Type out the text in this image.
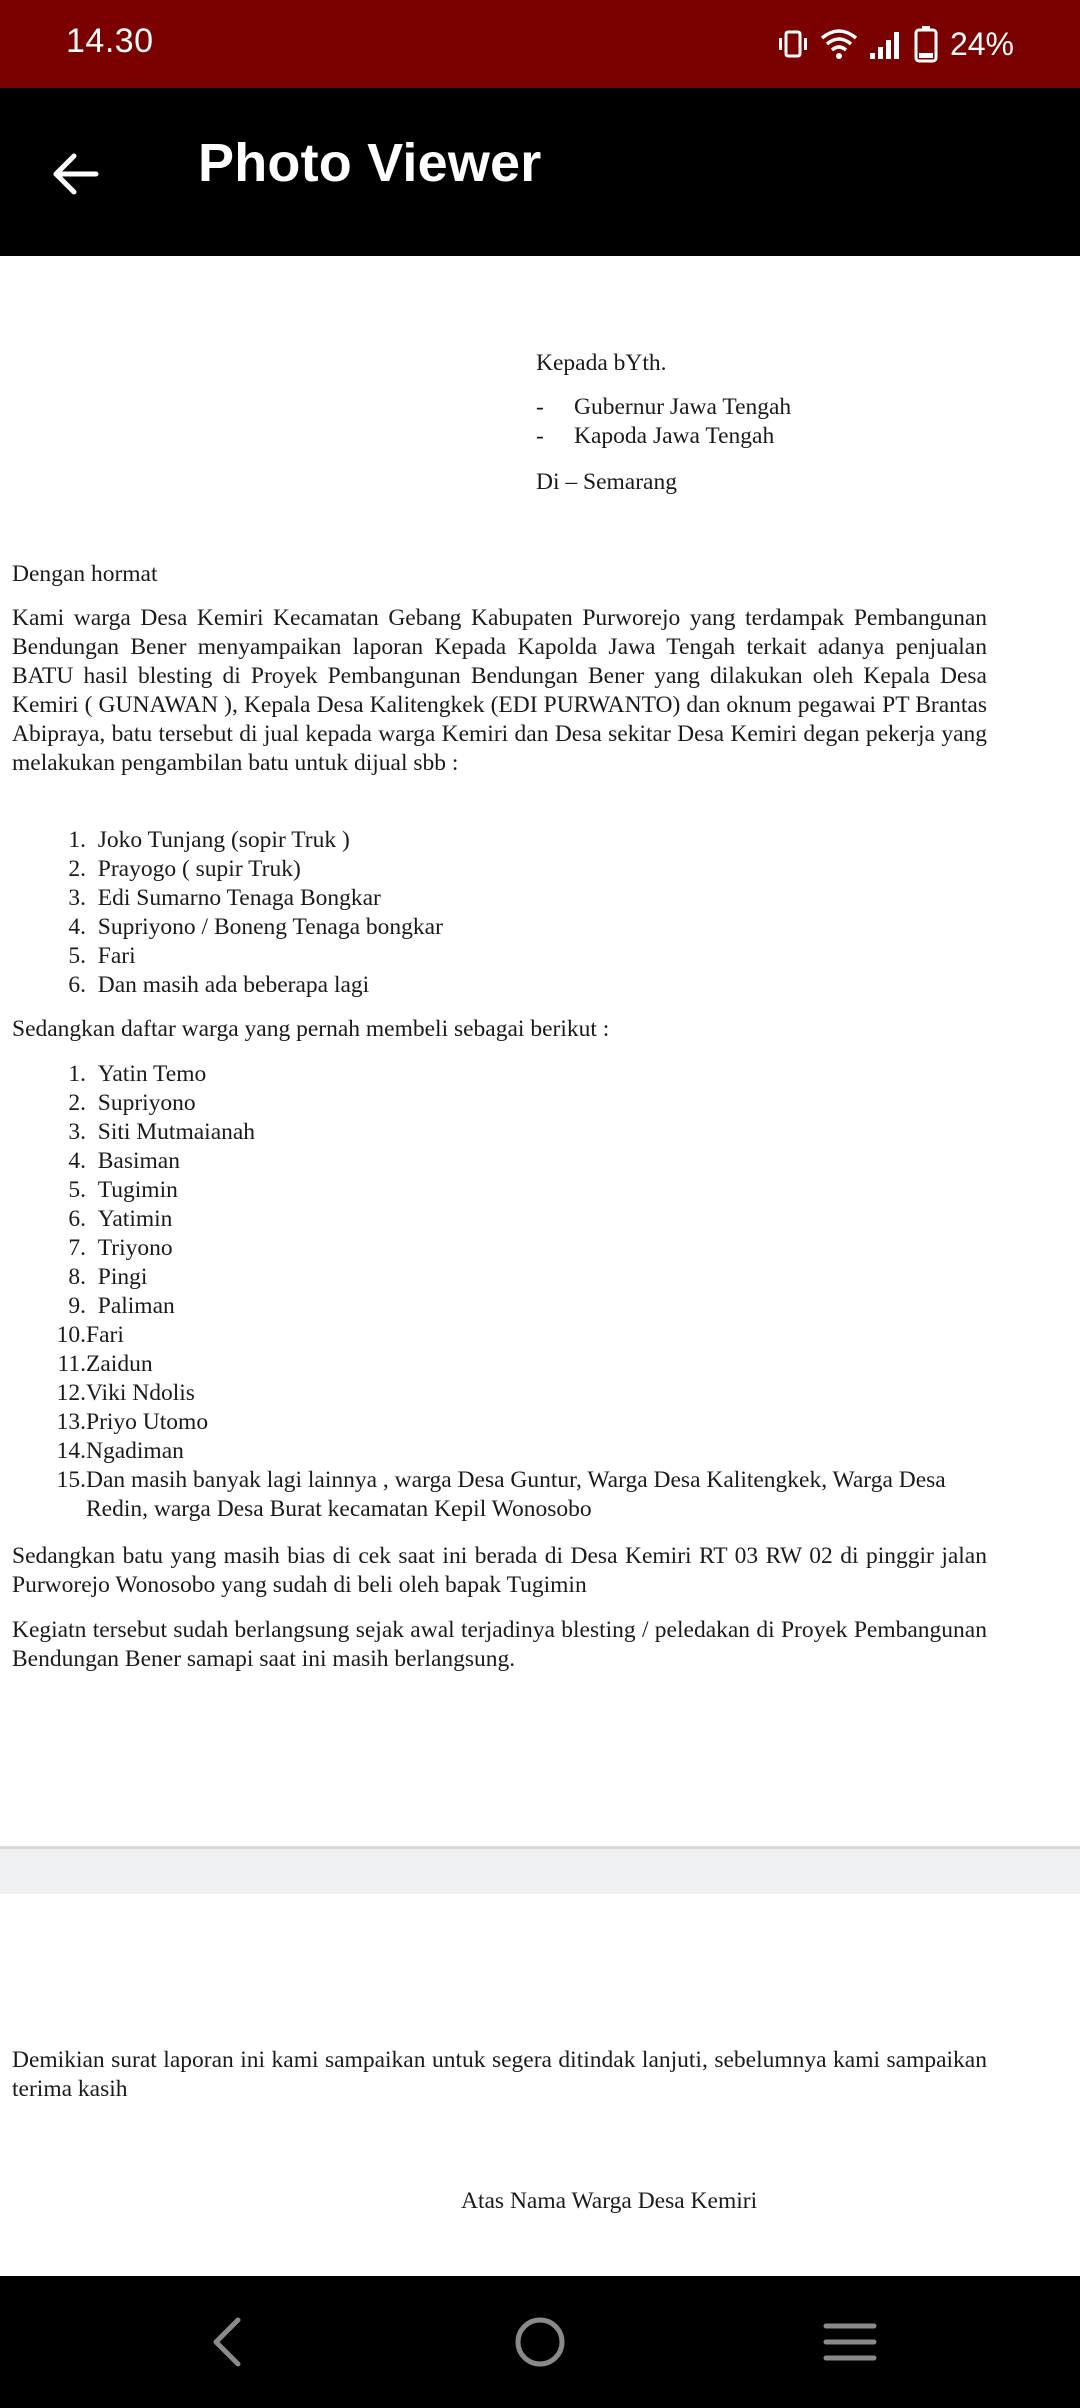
14.30	24%
Photo Viewer
Kepada bYth.
- Gubernur Jawa Tengah
- Kapoda Jawa Tengah
Di – Semarang
Dengan hormat
Kami warga Desa Kemiri Kecamatan Gebang Kabupaten Purworejo yang terdampak Pembangunan Bendungan Bener menyampaikan laporan Kepada Kapolda Jawa Tengah terkait adanya penjualan BATU hasil blesting di Proyek Pembangunan Bendungan Bener yang dilakukan oleh Kepala Desa Kemiri ( GUNAWAN ), Kepala Desa Kalitengkek (EDI PURWANTO) dan oknum pegawai PT Brantas Abipraya, batu tersebut di jual kepada warga Kemiri dan Desa sekitar Desa Kemiri degan pekerja yang melakukan pengambilan batu untuk dijual sbb :
1.
Joko Tunjang (sopir Truk )
2.
Prayogo ( supir Truk)
3.
Edi Sumarno Tenaga Bongkar
4.
Supriyono / Boneng Tenaga bongkar
5.
Fari
6.
Dan masih ada beberapa lagi
Sedangkan daftar warga yang pernah membeli sebagai berikut :
1.
Yatin Temo
2.
Supriyono
3.
Siti Mutmaianah
4.
Basiman
5.
Tugimin
6.
Yatimin
7.
Triyono
8.
Pingi
9.
Paliman
10. Fari
11. Zaidun
12. Viki Ndolis
13. Priyo Utomo
14. Ngadiman
15. Dan masih banyak lagi lainnya , warga Desa Guntur, Warga Desa Kalitengkek, Warga Desa Redin, warga Desa Burat kecamatan Kepil Wonosobo
Sedangkan batu yang masih bias di cek saat ini berada di Desa Kemiri RT 03 RW 02 di pinggir jalan Purworejo Wonosobo yang sudah di beli oleh bapak Tugimin
Kegiatn tersebut sudah berlangsung sejak awal terjadinya blesting / peledakan di Proyek Pembangunan Bendungan Bener samapi saat ini masih berlangsung.
Demikian surat laporan ini kami sampaikan untuk segera ditindak lanjuti, sebelumnya kami sampaikan terima kasih
Atas Nama Warga Desa Kemiri
